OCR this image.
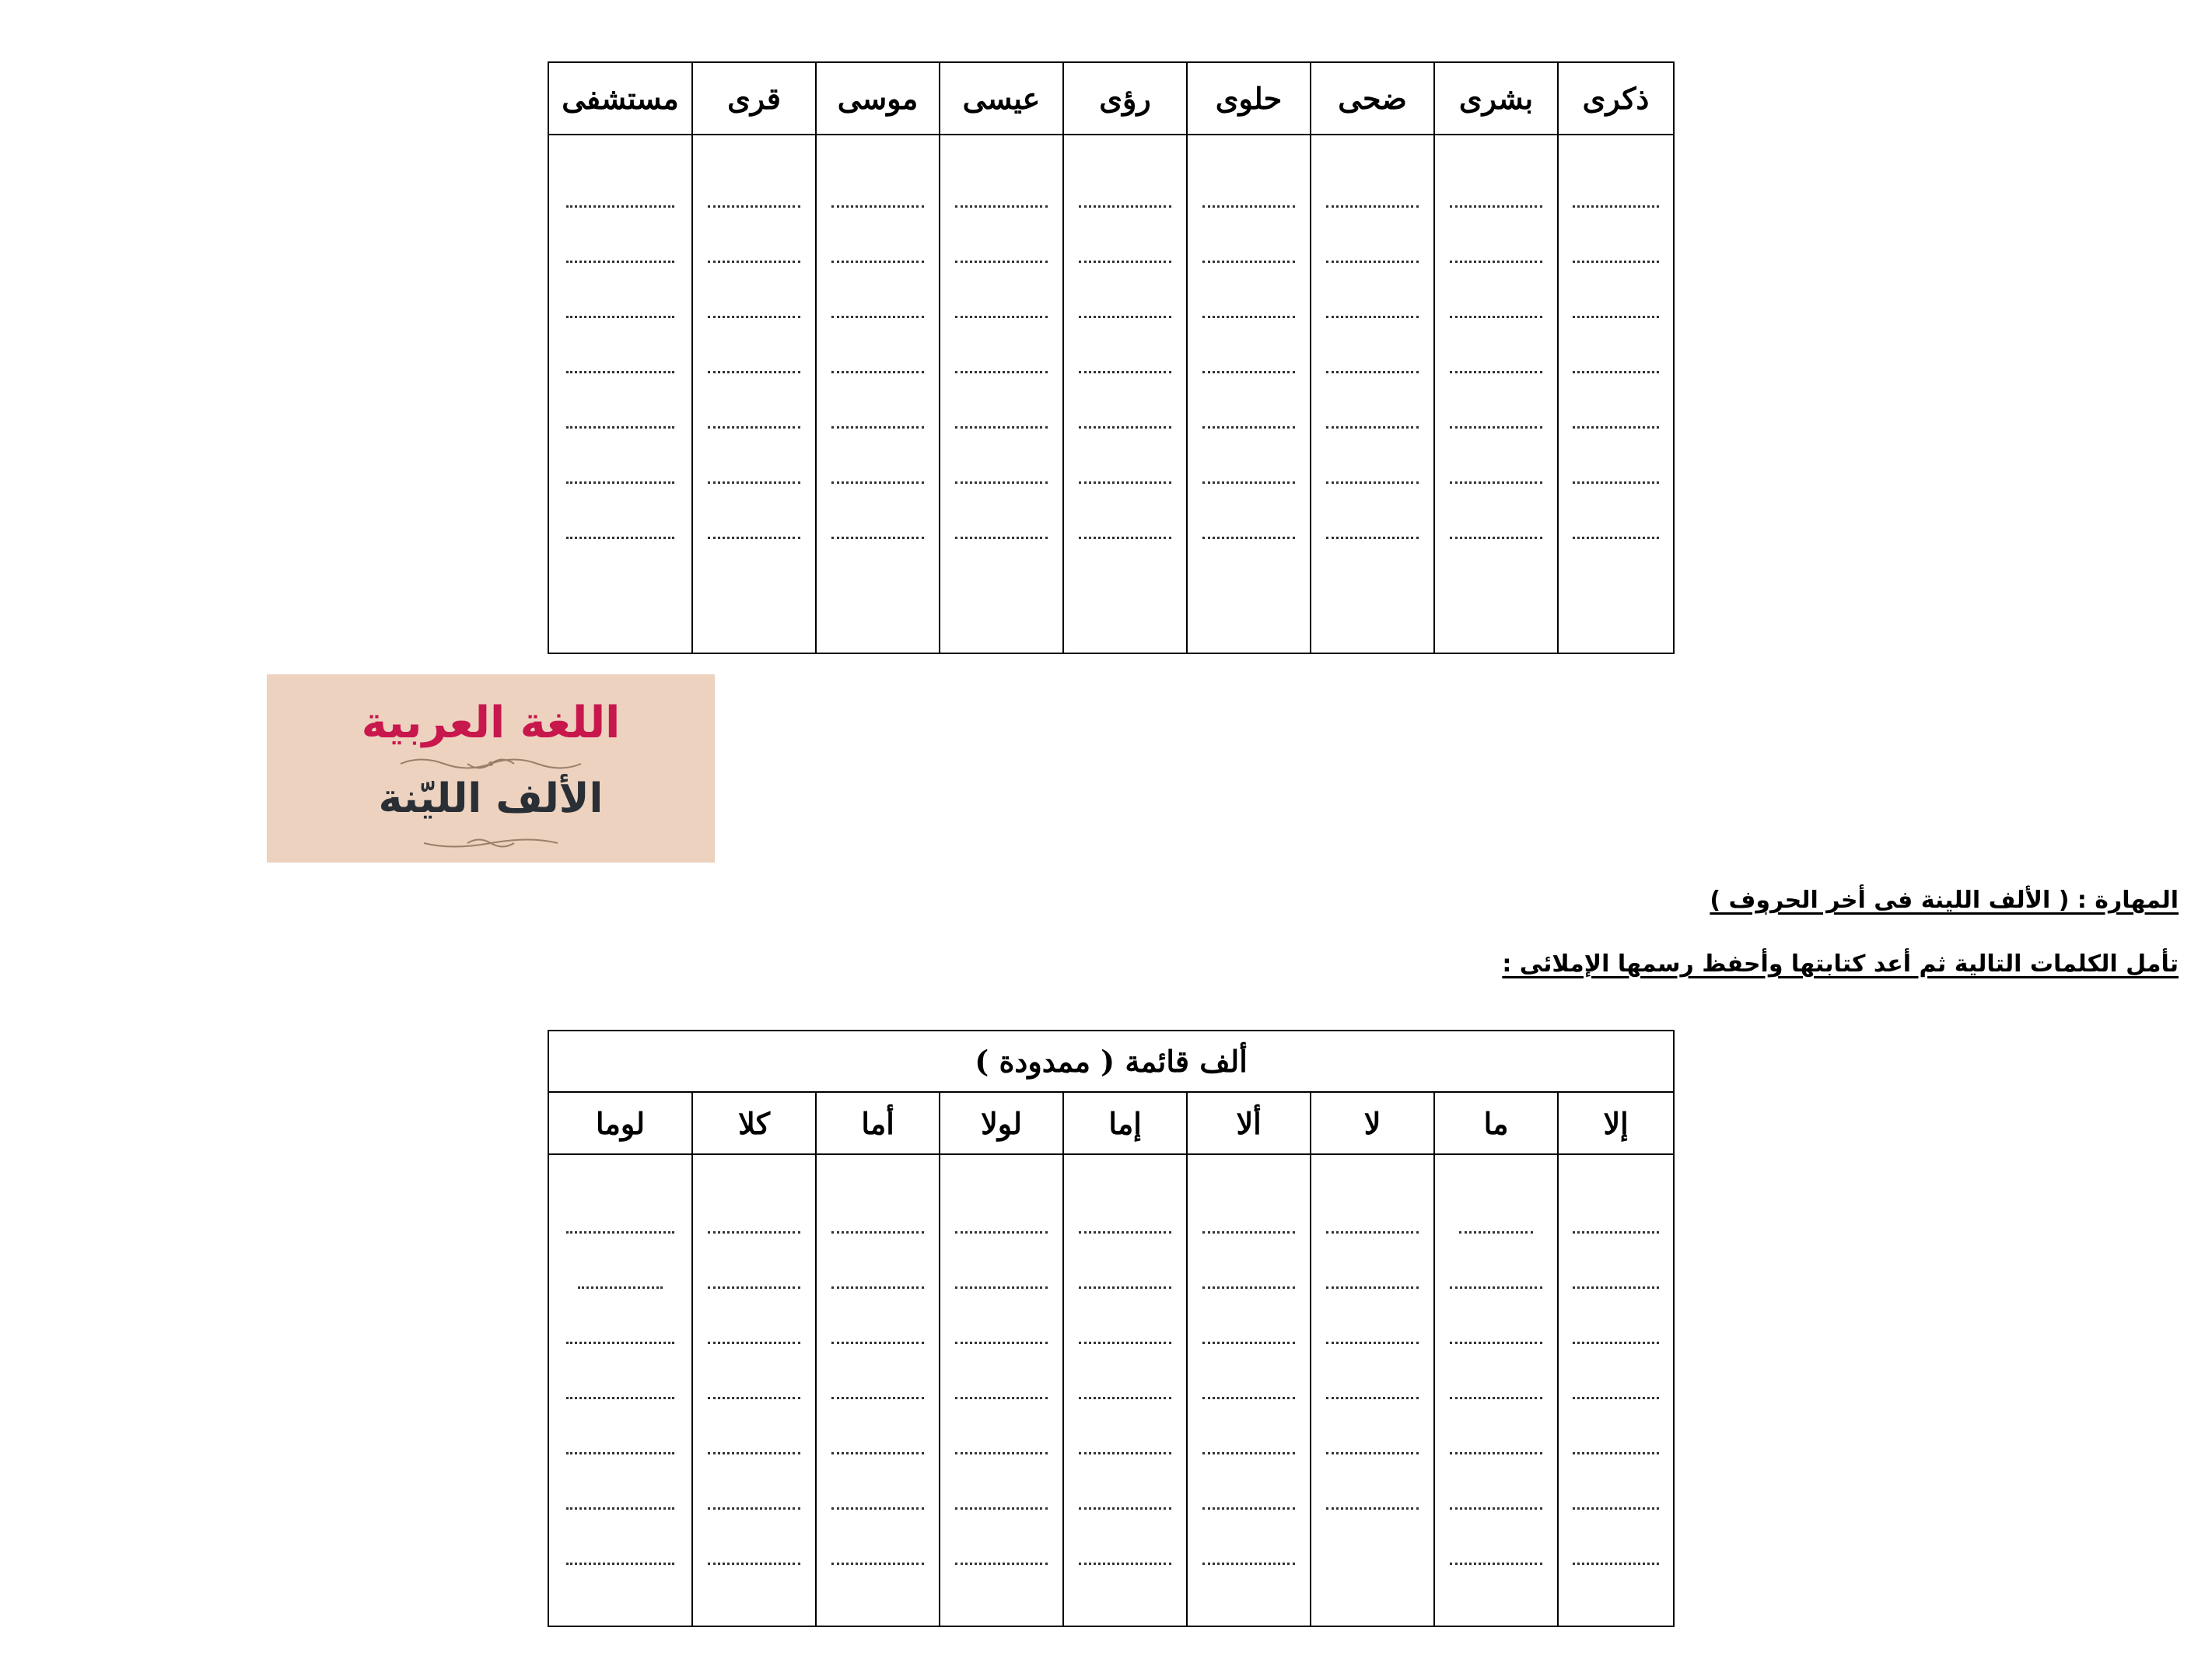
ذكرى	بشرى	ضحى	حلوى	رؤى	عيسى	موسى	قرى	مستشفى

اللغة العربية
الألف الليّنة
المهارة : ( الألف اللينة فى أخر الحروف )
تأمل الكلمات التالية ثم أعد كتابتها وأحفظ رسمها الإملائى :
ألف قائمة ( ممدودة )								
إلا	ما	لا	ألا	إما	لولا	أما	كلا	لوما
